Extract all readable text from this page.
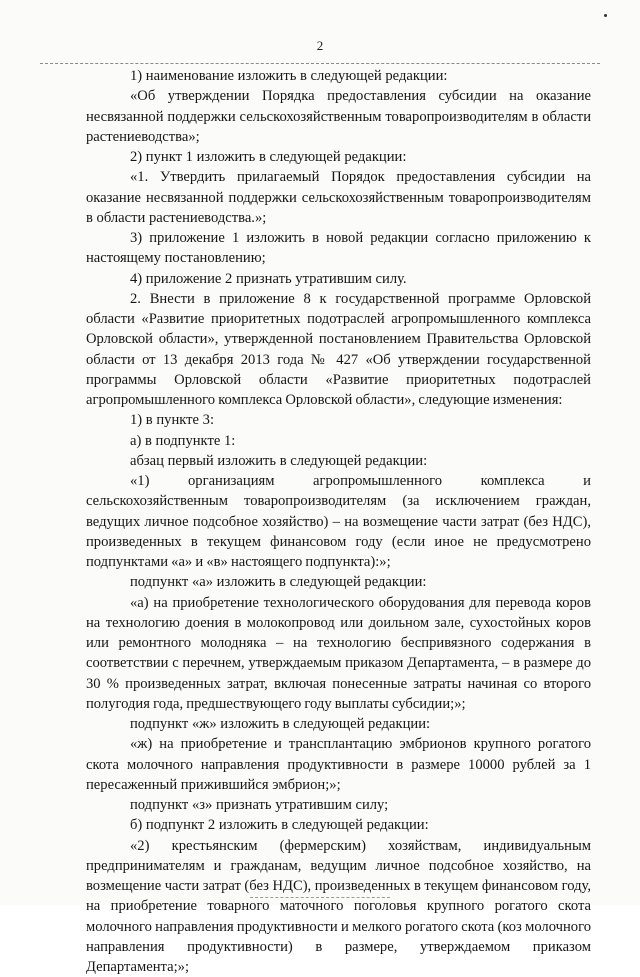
2

1) наименование изложить в следующей редакции:

«Об утверждении Порядка предоставления субсидии на оказание несвязанной поддержки сельскохозяйственным товаропроизводителям в области растениеводства»;

2) пункт 1 изложить в следующей редакции:

«1. Утвердить прилагаемый Порядок предоставления субсидии на оказание несвязанной поддержки сельскохозяйственным товаропроизводителям в области растениеводства.»;

3) приложение 1 изложить в новой редакции согласно приложению к настоящему постановлению;

4) приложение 2 признать утратившим силу.

2. Внести в приложение 8 к государственной программе Орловской области «Развитие приоритетных подотраслей агропромышленного комплекса Орловской области», утвержденной постановлением Правительства Орловской области от 13 декабря 2013 года № 427 «Об утверждении государственной программы Орловской области «Развитие приоритетных подотраслей агропромышленного комплекса Орловской области», следующие изменения:

1) в пункте 3:

а) в подпункте 1:

абзац первый изложить в следующей редакции:

«1) организациям агропромышленного комплекса и сельскохозяйственным товаропроизводителям (за исключением граждан, ведущих личное подсобное хозяйство) – на возмещение части затрат (без НДС), произведенных в текущем финансовом году (если иное не предусмотрено подпунктами «а» и «в» настоящего подпункта):»;

подпункт «а» изложить в следующей редакции:

«а) на приобретение технологического оборудования для перевода коров на технологию доения в молокопровод или доильном зале, сухостойных коров или ремонтного молодняка – на технологию беспривязного содержания в соответствии с перечнем, утверждаемым приказом Департамента, – в размере до 30 % произведенных затрат, включая понесенные затраты начиная со второго полугодия года, предшествующего году выплаты субсидии;»;

подпункт «ж» изложить в следующей редакции:

«ж) на приобретение и трансплантацию эмбрионов крупного рогатого скота молочного направления продуктивности в размере 10000 рублей за 1 пересаженный прижившийся эмбрион;»;

подпункт «з» признать утратившим силу;

б) подпункт 2 изложить в следующей редакции:

«2) крестьянским (фермерским) хозяйствам, индивидуальным предпринимателям и гражданам, ведущим личное подсобное хозяйство, на возмещение части затрат (без НДС), произведенных в текущем финансовом году, на приобретение товарного маточного поголовья крупного рогатого скота молочного направления продуктивности и мелкого рогатого скота (коз молочного направления продуктивности) в размере, утверждаемом приказом Департамента;»;
